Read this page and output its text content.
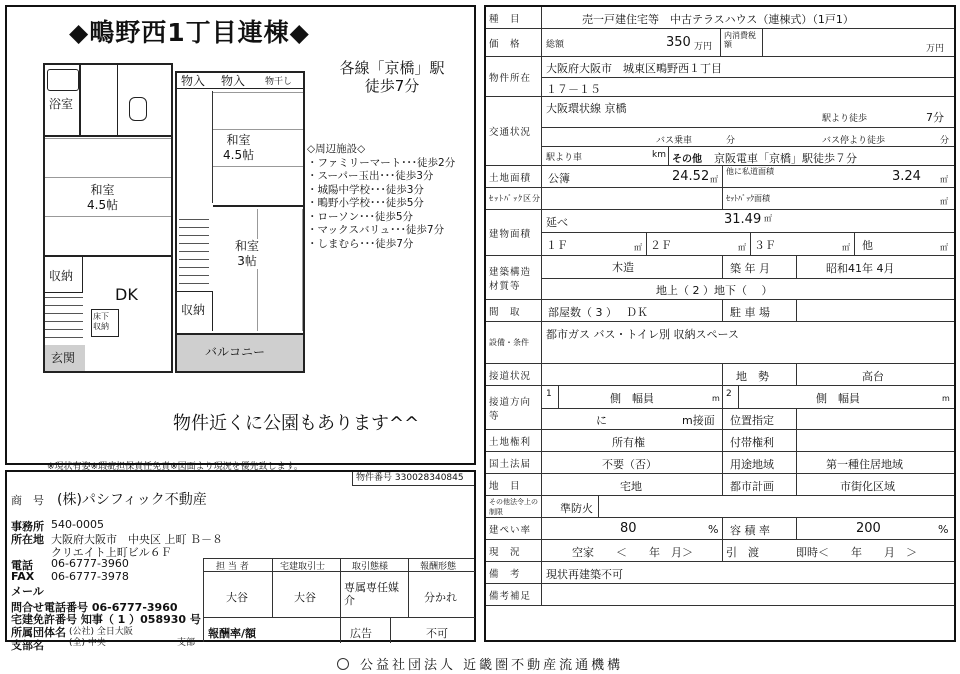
◆鴫野西1丁目連棟◆
浴室
和室
4.5帖
収納
DK
床下
収納
玄関
物入 物入 物干し
和室
4.5帖
和室
3帖
収納
バルコニー
各線「京橋」駅
徒歩7分
◇周辺施設◇
・ファミリーマート･･･徒歩2分
・スーパー玉出･･･徒歩3分
・城陽中学校･･･徒歩3分
・鴫野小学校･･･徒歩5分
・ローソン･･･徒歩5分
・マックスバリュ･･･徒歩7分
・しまむら･･･徒歩7分
物件近くに公園もあります^^
※現状有姿※瑕疵担保責任免責※図面より現況を優先致します。
物件番号 330028340845
商　号 (株)パシフィック不動産
事務所 540-0005
所在地 大阪府大阪市　中央区 上町 Ｂ－８
クリエイト上町ビル６Ｆ
電話 06-6777-3960
FAX 06-6777-3978
メール
問合せ電話番号 06-6777-3960
宅建免許番号 知事（ 1 ）058930 号
所属団体名 (公社) 全日大阪
支部名	(全) 中央	支部
担 当 者	宅建取引士	取引態様	報酬形態
大谷	大谷
専属専任媒介	分かれ
報酬率/額	広告	不可
種　目	売一戸建住宅等　中古テラスハウス（連棟式）（1戸1）
価　格	総額	350 万円
内消費税額	万円
物件所在
大阪府大阪市　城東区鴫野西１丁目
１７－１５
交通状況
大阪環状線 京橋
駅より徒歩	7分
バス乗車	分	バス停より徒歩	分
駅より車	km その他 京阪電車「京橋」駅徒歩７分
土地面積	公簿	24.52 ㎡
他に私道面積	3.24 ㎡
ｾｯﾄﾊﾞｯｸ区分	ｾｯﾄﾊﾞｯｸ面積	㎡
建物面積
延べ	31.49 ㎡
１Ｆ	㎡ ２Ｆ	㎡ ３Ｆ	㎡ 他	㎡
建築構造材質等
木造	築 年 月	昭和41年 4月
地上（ 2 ）地下（　 ）
間　取	部屋数（ 3 ）　 ＤＫ	駐 車 場
設備・条件
都市ガス バス・トイレ別 収納スペース
接道状況	地　勢	高台
接道方向等
1	側　幅員	m 2	側　幅員	m
に	m接面 位置指定
土地権利	所有権	付帯権利
国土法届	不要（否）	用途地域	第一種住居地域
地　目	宅地	都市計画	市街化区域
その他法令上の制限	準防火
建ぺい率	80	% 容 積 率	200	%
現　況	空家　　＜　　年　月＞	引　渡	即時＜　　年　　月　＞
備　考	現状再建築不可
備考補足
公益社団法人 近畿圏不動産流通機構
